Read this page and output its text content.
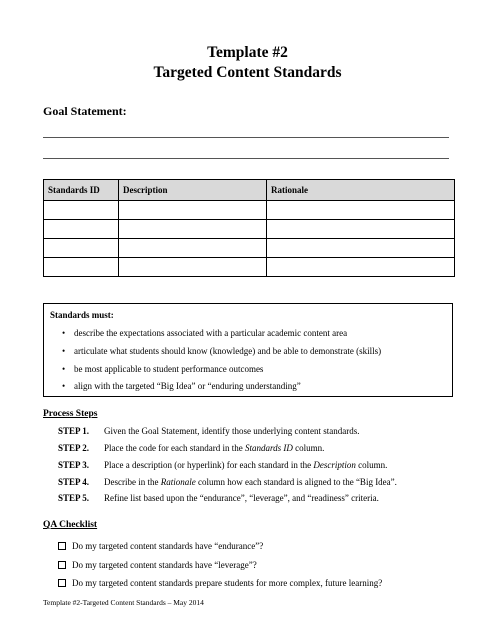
Template #2
Targeted Content Standards
Goal Statement:
Standards ID	Description	Rationale

Standards must:
• describe the expectations associated with a particular academic content area
• articulate what students should know (knowledge) and be able to demonstrate (skills)
• be most applicable to student performance outcomes
• align with the targeted “Big Idea” or “enduring understanding”
Process Steps
STEP 1. Given the Goal Statement, identify those underlying content standards.
STEP 2. Place the code for each standard in the Standards ID column.
STEP 3. Place a description (or hyperlink) for each standard in the Description column.
STEP 4. Describe in the Rationale column how each standard is aligned to the “Big Idea”.
STEP 5. Refine list based upon the “endurance”, “leverage”, and “readiness” criteria.
QA Checklist
Do my targeted content standards have “endurance”?
Do my targeted content standards have “leverage”?
Do my targeted content standards prepare students for more complex, future learning?
Template #2-Targeted Content Standards – May 2014
